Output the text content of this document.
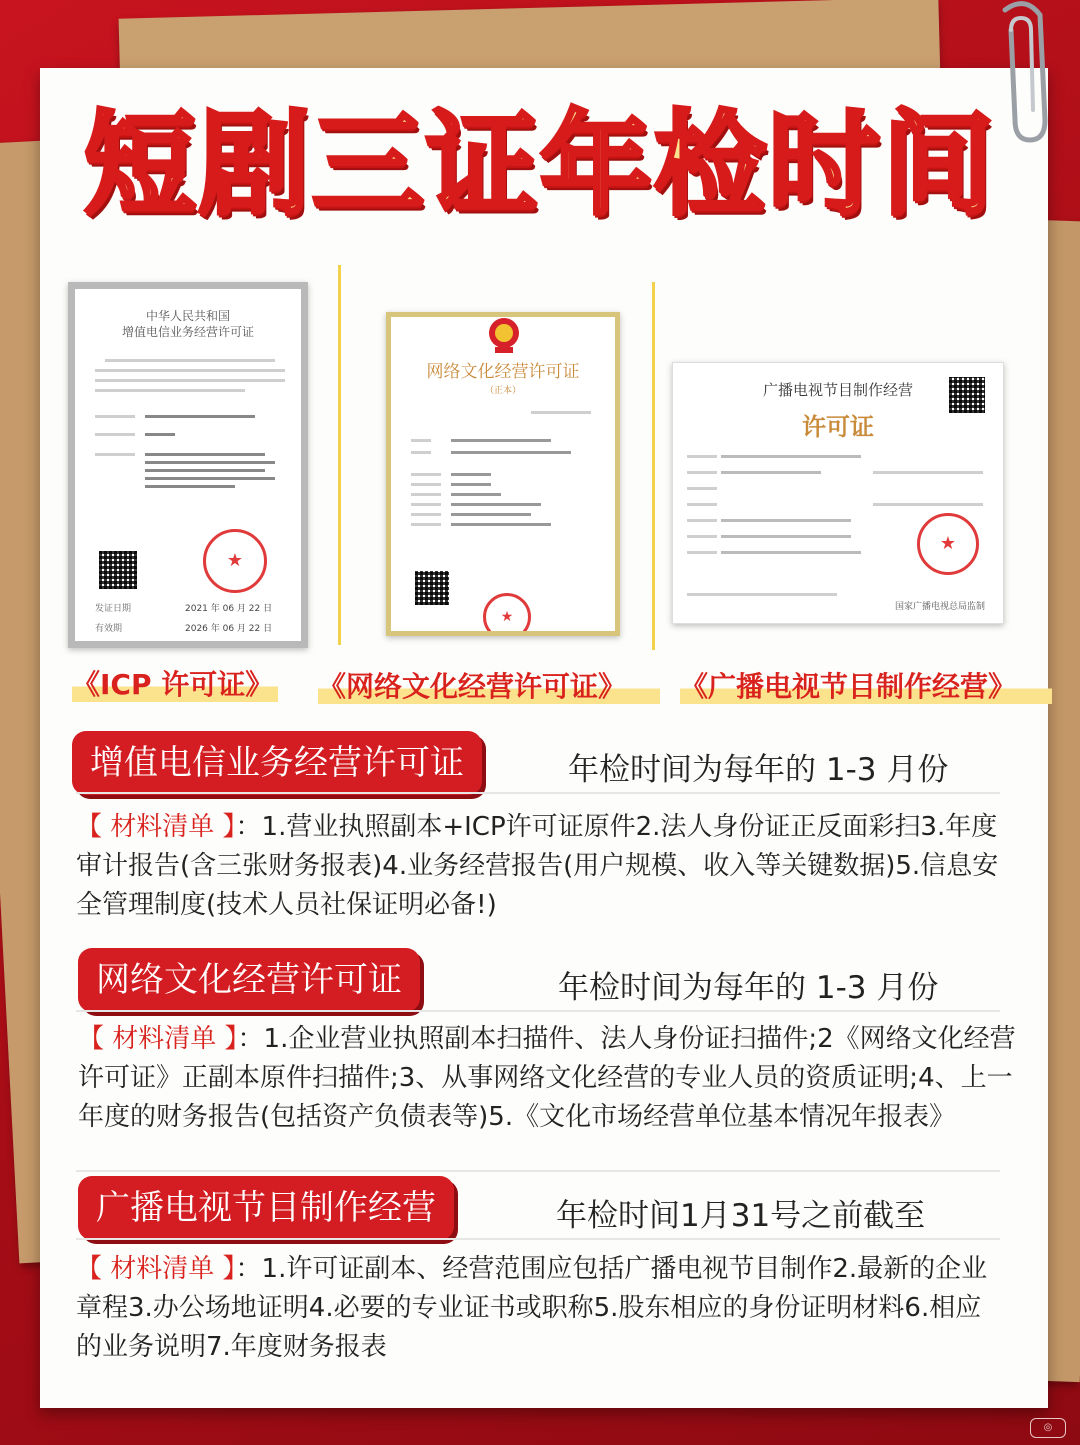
短剧三证年检时间
中华人民共和国
增值电信业务经营许可证
★
发证日期	2021 年 06 月 22 日
有效期	2026 年 06 月 22 日
网络文化经营许可证
（正本）
★
广播电视节目制作经营
许可证
★
国家广播电视总局监制
《ICP 许可证》 《网络文化经营许可证》	《广播电视节目制作经营》
增值电信业务经营许可证	年检时间为每年的 1-3 月份
【 材料清单 】：1.营业执照副本+ICP许可证原件2.法人身份证正反面彩扫3.年度审计报告(含三张财务报表)4.业务经营报告(用户规模、收入等关键数据)5.信息安全管理制度(技术人员社保证明必备!)
网络文化经营许可证	年检时间为每年的 1-3 月份
【 材料清单 】：1.企业营业执照副本扫描件、法人身份证扫描件;2《网络文化经营许可证》正副本原件扫描件;3、从事网络文化经营的专业人员的资质证明;4、上一年度的财务报告(包括资产负债表等)5.《文化市场经营单位基本情况年报表》
广播电视节目制作经营	年检时间1月31号之前截至
【 材料清单 】：1.许可证副本、经营范围应包括广播电视节目制作2.最新的企业章程3.办公场地证明4.必要的专业证书或职称5.股东相应的身份证明材料6.相应的业务说明7.年度财务报表
◎
